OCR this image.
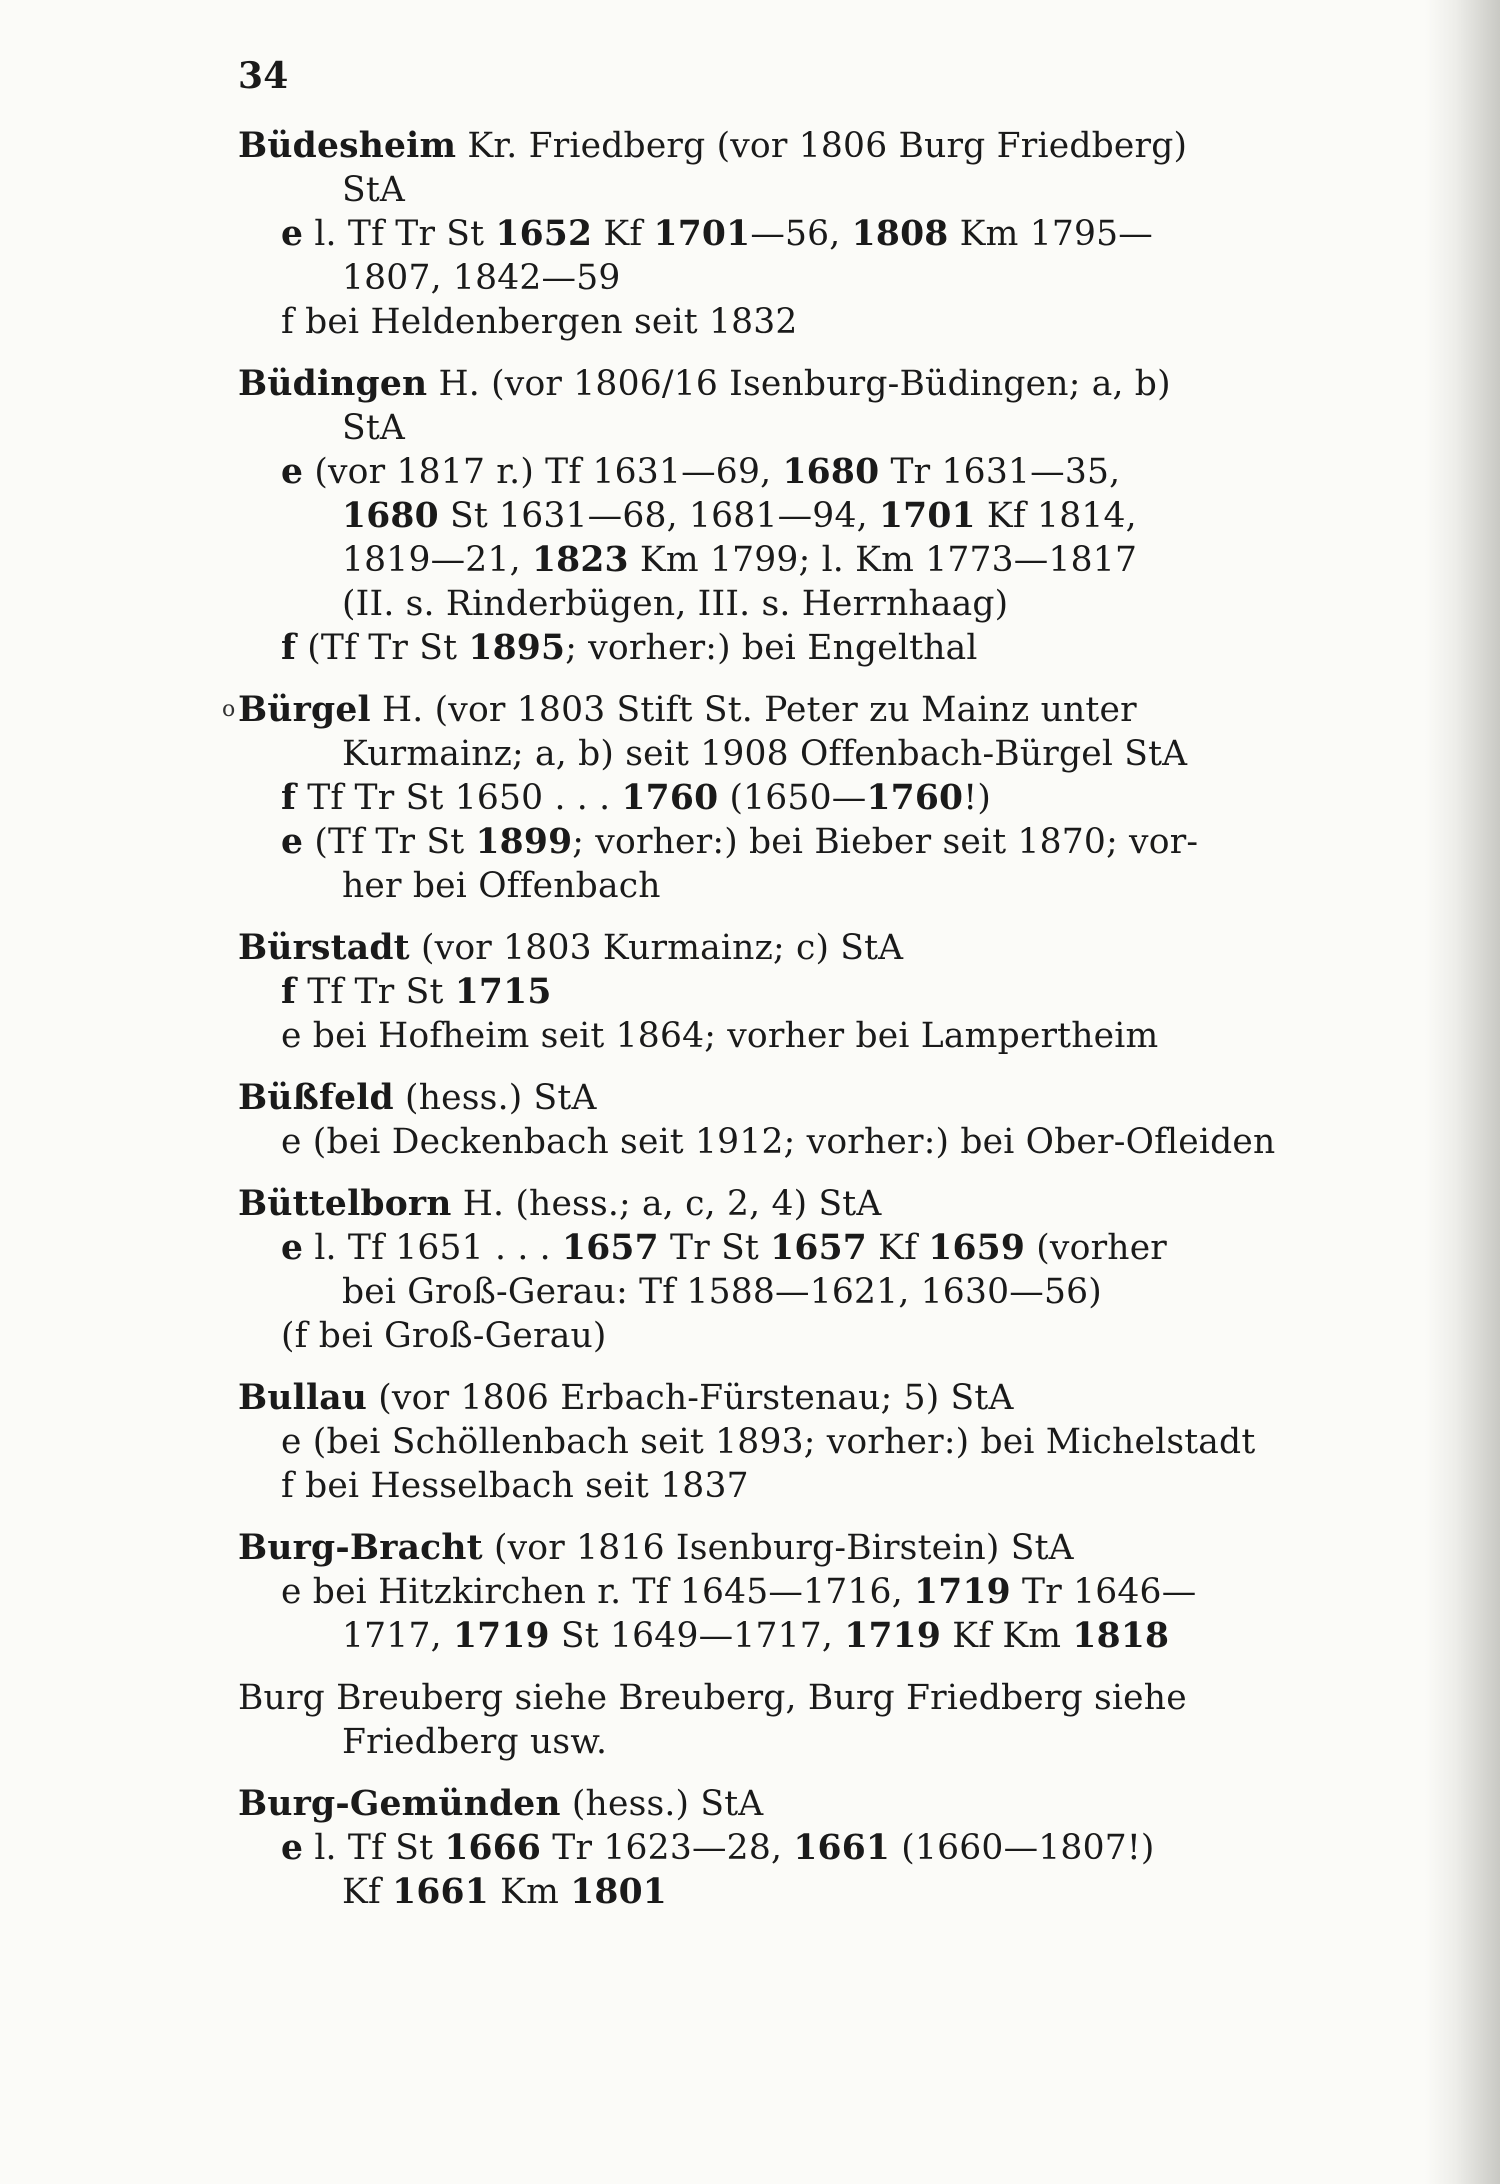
34
Büdesheim Kr. Friedberg (vor 1806 Burg Friedberg)
StA
e l. Tf Tr St 1652 Kf 1701—56, 1808 Km 1795—
1807, 1842—59
f bei Heldenbergen seit 1832
Büdingen H. (vor 1806/16 Isenburg-Büdingen; a, b)
StA
e (vor 1817 r.) Tf 1631—69, 1680 Tr 1631—35,
1680 St 1631—68, 1681—94, 1701 Kf 1814,
1819—21, 1823 Km 1799; l. Km 1773—1817
(II. s. Rinderbügen, III. s. Herrnhaag)
f (Tf Tr St 1895; vorher:) bei Engelthal
o Bürgel H. (vor 1803 Stift St. Peter zu Mainz unter
Kurmainz; a, b) seit 1908 Offenbach-Bürgel StA
f Tf Tr St 1650 . . . 1760 (1650—1760!)
e (Tf Tr St 1899; vorher:) bei Bieber seit 1870; vor-
her bei Offenbach
Bürstadt (vor 1803 Kurmainz; c) StA
f Tf Tr St 1715
e bei Hofheim seit 1864; vorher bei Lampertheim
Büßfeld (hess.) StA
e (bei Deckenbach seit 1912; vorher:) bei Ober-Ofleiden
Büttelborn H. (hess.; a, c, 2, 4) StA
e l. Tf 1651 . . . 1657 Tr St 1657 Kf 1659 (vorher
bei Groß-Gerau: Tf 1588—1621, 1630—56)
(f bei Groß-Gerau)
Bullau (vor 1806 Erbach-Fürstenau; 5) StA
e (bei Schöllenbach seit 1893; vorher:) bei Michelstadt
f bei Hesselbach seit 1837
Burg-Bracht (vor 1816 Isenburg-Birstein) StA
e bei Hitzkirchen r. Tf 1645—1716, 1719 Tr 1646—
1717, 1719 St 1649—1717, 1719 Kf Km 1818
Burg Breuberg siehe Breuberg, Burg Friedberg siehe
Friedberg usw.
Burg-Gemünden (hess.) StA
e l. Tf St 1666 Tr 1623—28, 1661 (1660—1807!)
Kf 1661 Km 1801
